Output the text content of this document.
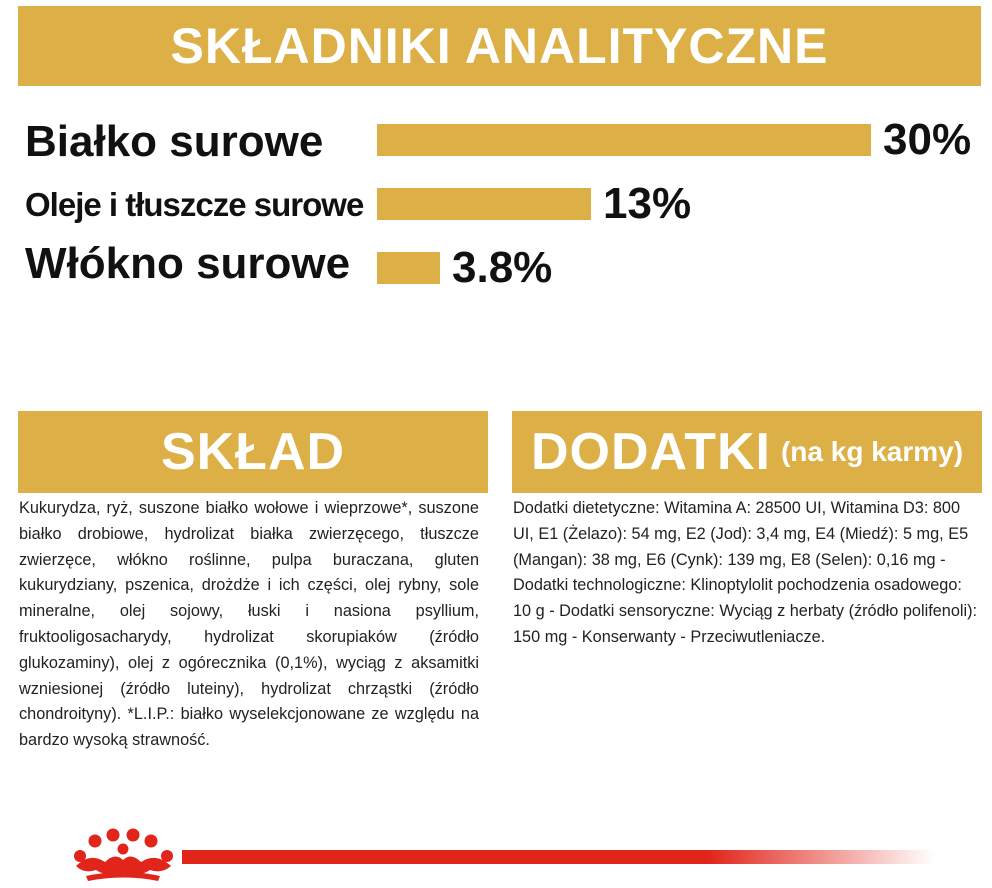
SKŁADNIKI ANALITYCZNE
Białko surowe
Oleje i tłuszcze surowe
Włókno surowe
30%
13%
3.8%
SKŁAD
Kukurydza, ryż, suszone białko wołowe i wieprzowe*, suszone białko drobiowe, hydrolizat białka zwierzęcego, tłuszcze zwierzęce, włókno roślinne, pulpa buraczana, gluten kukurydziany, pszenica, drożdże i ich części, olej rybny, sole mineralne, olej sojowy, łuski i nasiona psyllium, fruktooligosacharydy, hydrolizat skorupiaków (źródło glukozaminy), olej z ogórecznika (0,1%), wyciąg z aksamitki wzniesionej (źródło luteiny), hydrolizat chrząstki (źródło chondroityny). *L.I.P.: białko wyselekcjonowane ze względu na bardzo wysoką strawność.
DODATKI (na kg karmy)
Dodatki dietetyczne: Witamina A: 28500 UI, Witamina D3: 800 UI, E1 (Żelazo): 54 mg, E2 (Jod): 3,4 mg, E4 (Miedź): 5 mg, E5 (Mangan): 38 mg, E6 (Cynk): 139 mg, E8 (Selen): 0,16 mg - Dodatki technologiczne: Klinoptylolit pochodzenia osadowego: 10 g - Dodatki sensoryczne: Wyciąg z herbaty (źródło polifenoli): 150 mg - Konserwanty - Przeciwutleniacze.
